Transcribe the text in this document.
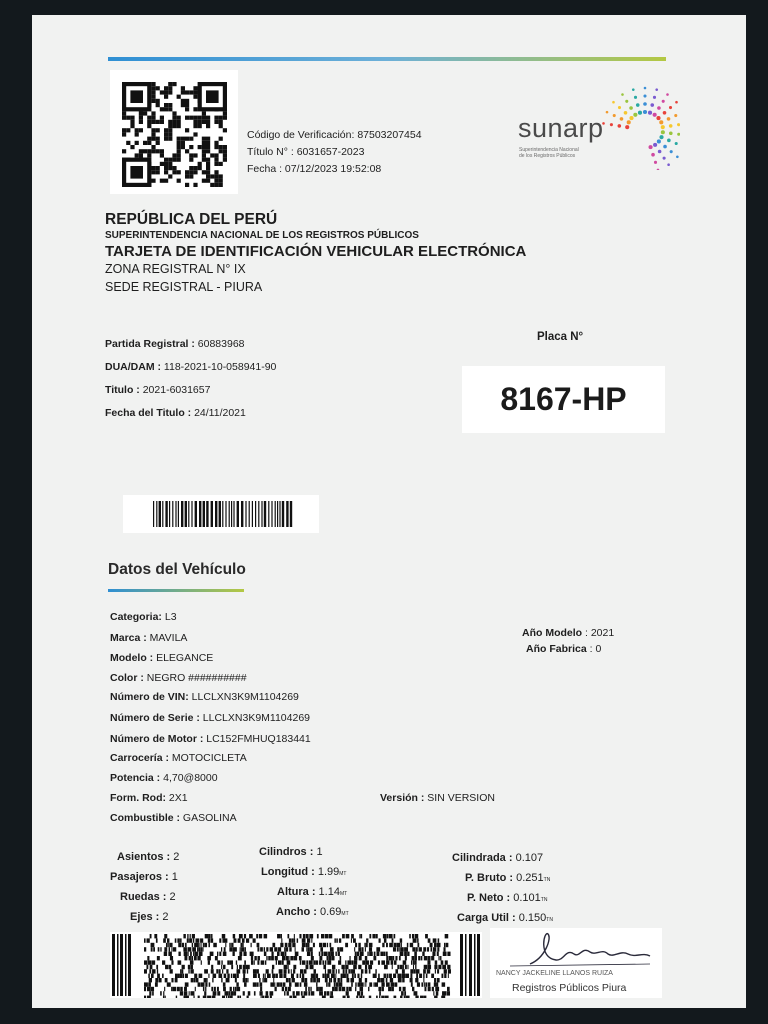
Código de Verificación: 87503207454
Título N° : 6031657-2023
Fecha : 07/12/2023 19:52:08
sunarp
Superintendencia Nacional
de los Registros Públicos
REPÚBLICA DEL PERÚ
SUPERINTENDENCIA NACIONAL DE LOS REGISTROS PÚBLICOS
TARJETA DE IDENTIFICACIÓN VEHICULAR ELECTRÓNICA
ZONA REGISTRAL N° IX
SEDE REGISTRAL - PIURA
Partida Registral : 60883968
DUA/DAM : 118-2021-10-058941-90
Titulo : 2021-6031657
Fecha del Titulo : 24/11/2021
Placa N°
8167-HP
Datos del Vehículo
Categoria: L3
Marca : MAVILA
Modelo : ELEGANCE
Color : NEGRO ##########
Número de VIN: LLCLXN3K9M1104269
Número de Serie : LLCLXN3K9M1104269
Número de Motor : LC152FMHUQ183441
Carrocería : MOTOCICLETA
Potencia : 4,70@8000
Form. Rod: 2X1
Combustible : GASOLINA
Año Modelo : 2021
Año Fabrica : 0
Versión : SIN VERSION
Asientos : 2
Pasajeros : 1
Ruedas : 2
Ejes : 2
Cilindros : 1
Longitud : 1.99MT
Altura : 1.14MT
Ancho : 0.69MT
Cilindrada : 0.107
P. Bruto : 0.251TN
P. Neto : 0.101TN
Carga Util : 0.150TN
NANCY JACKELINE LLANOS RUIZA
Registros Públicos Piura
